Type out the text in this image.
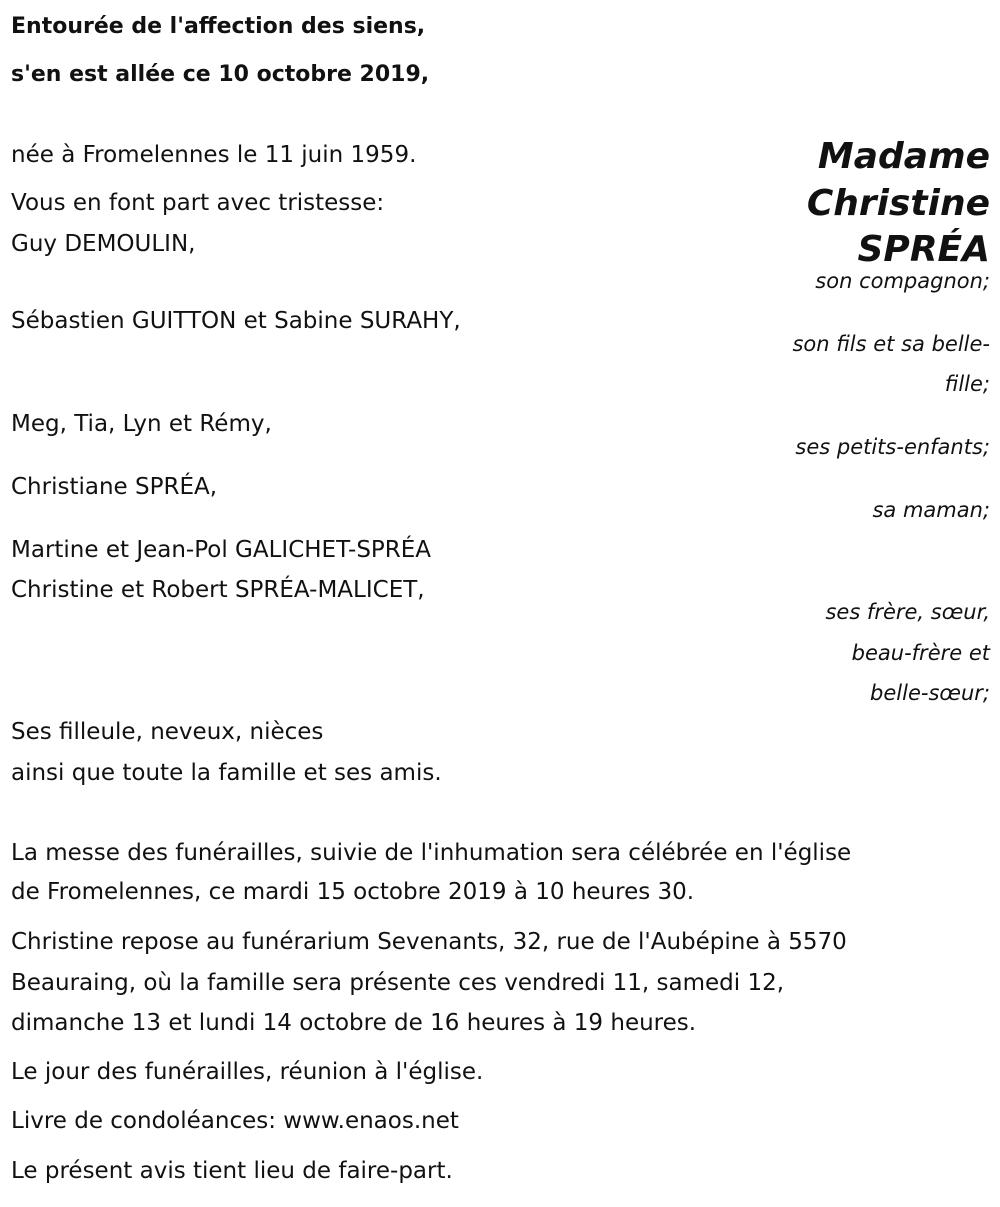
Entourée de l'affection des siens,

s'en est allée ce 10 octobre 2019,

née à Fromelennes le 11 juin 1959.

Vous en font part avec tristesse:

Madame

Christine

SPRÉA

Guy DEMOULIN,

son compagnon;

Sébastien GUITTON et Sabine SURAHY,

son fils et sa belle-

fille;

Meg, Tia, Lyn et Rémy,

ses petits-enfants;

Christiane SPRÉA,

sa maman;

Martine et Jean-Pol GALICHET-SPRÉA

Christine et Robert SPRÉA-MALICET,

ses frère, sœur,

beau-frère et

belle-sœur;

Ses filleule, neveux, nièces

ainsi que toute la famille et ses amis.

La messe des funérailles, suivie de l'inhumation sera célébrée en l'église

de Fromelennes, ce mardi 15 octobre 2019 à 10 heures 30.

Christine repose au funérarium Sevenants, 32, rue de l'Aubépine à 5570

Beauraing, où la famille sera présente ces vendredi 11, samedi 12,

dimanche 13 et lundi 14 octobre de 16 heures à 19 heures.

Le jour des funérailles, réunion à l'église.

Livre de condoléances: www.enaos.net

Le présent avis tient lieu de faire-part.
